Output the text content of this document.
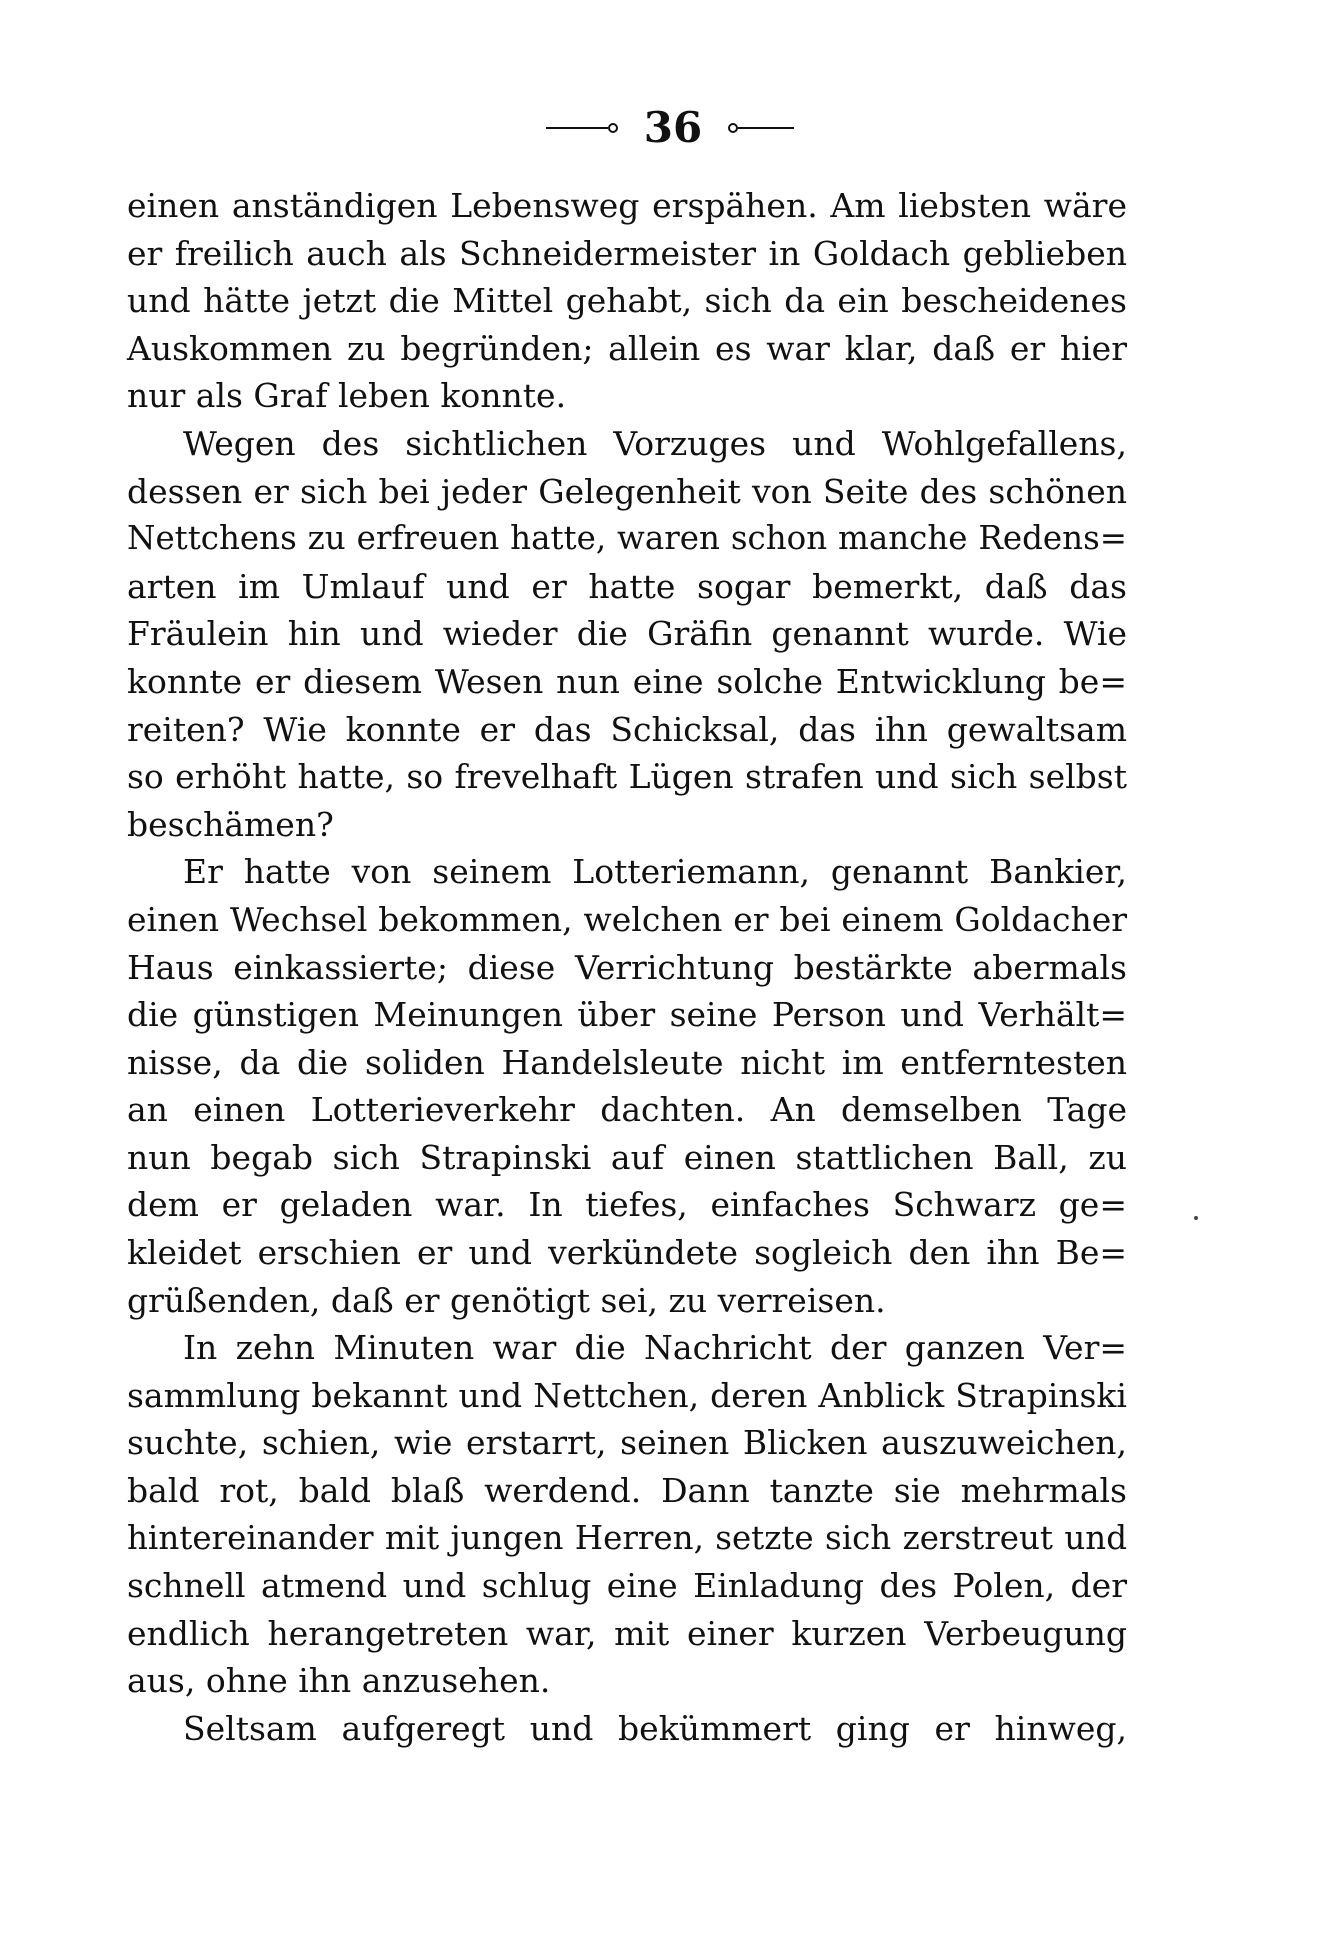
36
einen anständigen Lebensweg erspähen. Am liebsten wäre
er freilich auch als Schneidermeister in Goldach geblieben
und hätte jetzt die Mittel gehabt, sich da ein bescheidenes
Auskommen zu begründen; allein es war klar, daß er hier
nur als Graf leben konnte.
Wegen des sichtlichen Vorzuges und Wohlgefallens,
dessen er sich bei jeder Gelegenheit von Seite des schönen
Nettchens zu erfreuen hatte, waren schon manche Redens=
arten im Umlauf und er hatte sogar bemerkt, daß das
Fräulein hin und wieder die Gräfin genannt wurde. Wie
konnte er diesem Wesen nun eine solche Entwicklung be=
reiten? Wie konnte er das Schicksal, das ihn gewaltsam
so erhöht hatte, so frevelhaft Lügen strafen und sich selbst
beschämen?
Er hatte von seinem Lotteriemann, genannt Bankier,
einen Wechsel bekommen, welchen er bei einem Goldacher
Haus einkassierte; diese Verrichtung bestärkte abermals
die günstigen Meinungen über seine Person und Verhält=
nisse, da die soliden Handelsleute nicht im entferntesten
an einen Lotterieverkehr dachten. An demselben Tage
nun begab sich Strapinski auf einen stattlichen Ball, zu
dem er geladen war. In tiefes, einfaches Schwarz ge=
kleidet erschien er und verkündete sogleich den ihn Be=
grüßenden, daß er genötigt sei, zu verreisen.
In zehn Minuten war die Nachricht der ganzen Ver=
sammlung bekannt und Nettchen, deren Anblick Strapinski
suchte, schien, wie erstarrt, seinen Blicken auszuweichen,
bald rot, bald blaß werdend. Dann tanzte sie mehrmals
hintereinander mit jungen Herren, setzte sich zerstreut und
schnell atmend und schlug eine Einladung des Polen, der
endlich herangetreten war, mit einer kurzen Verbeugung
aus, ohne ihn anzusehen.
Seltsam aufgeregt und bekümmert ging er hinweg,
